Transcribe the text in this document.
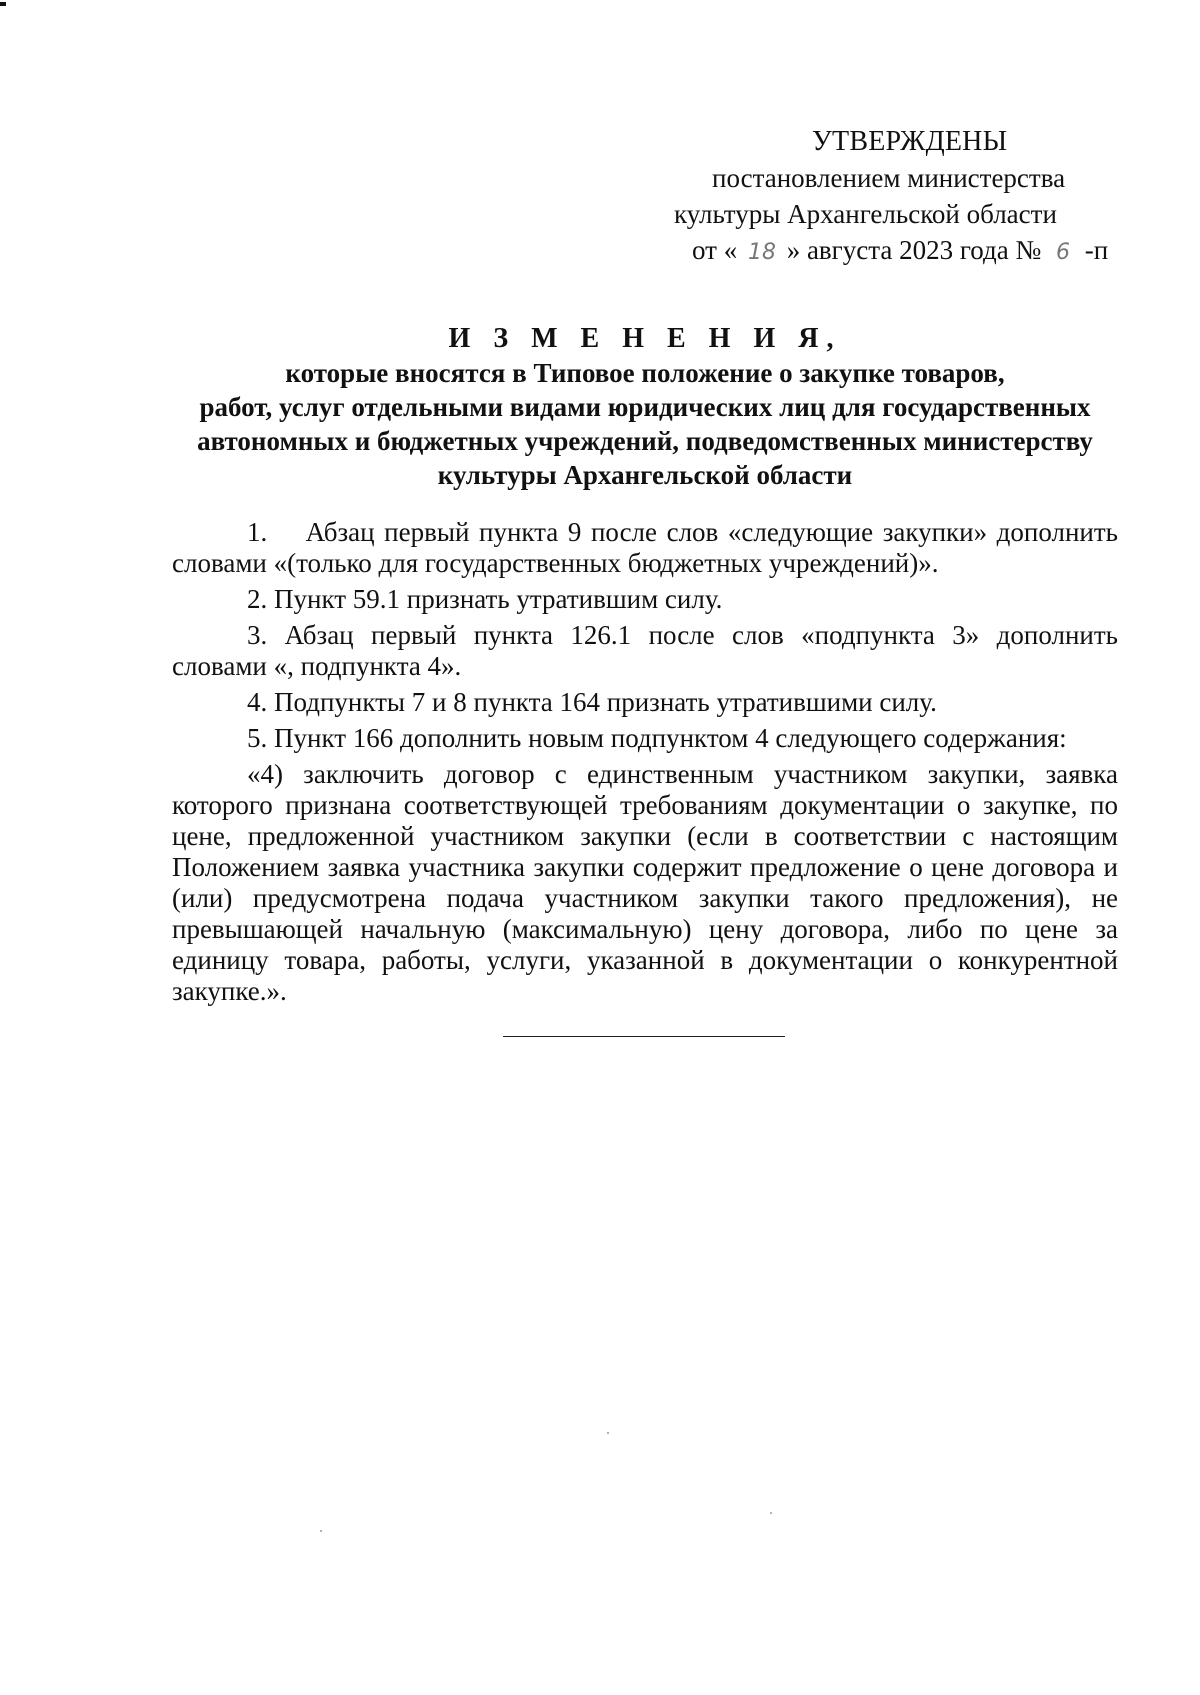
УТВЕРЖДЕНЫ
постановлением министерства
культуры Архангельской области
от « 18 » августа 2023 года № 6 -п
И З М Е Н Е Н И Я,
которые вносятся в Типовое положение о закупке товаров,
работ, услуг отдельными видами юридических лиц для государственных
автономных и бюджетных учреждений, подведомственных министерству
культуры Архангельской области

1.    Абзац первый пункта 9 после слов «следующие закупки» дополнить словами «(только для государственных бюджетных учреждений)».

2. Пункт 59.1 признать утратившим силу.

3. Абзац первый пункта 126.1 после слов «подпункта 3» дополнить словами «, подпункта 4».

4. Подпункты 7 и 8 пункта 164 признать утратившими силу.

5. Пункт 166 дополнить новым подпунктом 4 следующего содержания:

«4) заключить договор с единственным участником закупки, заявка которого признана соответствующей требованиям документации о закупке, по цене, предложенной участником закупки (если в соответствии с настоящим Положением заявка участника закупки содержит предложение о цене договора и (или) предусмотрена подача участником закупки такого предложения), не превышающей начальную (максимальную) цену договора, либо по цене за единицу товара, работы, услуги, указанной в документации о конкурентной закупке.».
